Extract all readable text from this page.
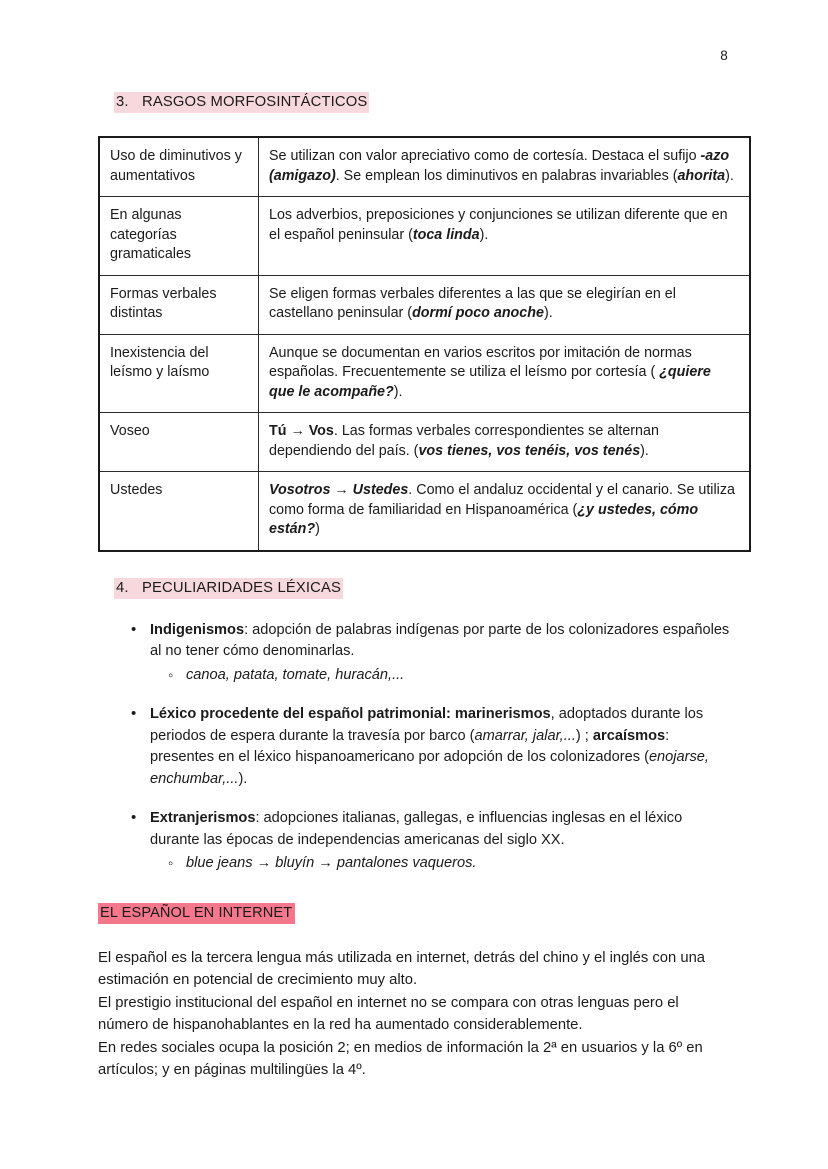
8
3. RASGOS MORFOSINTÁCTICOS
Uso de diminutivos y aumentativos	Se utilizan con valor apreciativo como de cortesía. Destaca el sufijo -azo (amigazo). Se emplean los diminutivos en palabras invariables (ahorita).
En algunas categorías gramaticales	Los adverbios, preposiciones y conjunciones se utilizan diferente que en el español peninsular (toca linda).
Formas verbales distintas	Se eligen formas verbales diferentes a las que se elegirían en el castellano peninsular (dormí poco anoche).
Inexistencia del leísmo y laísmo	Aunque se documentan en varios escritos por imitación de normas españolas. Frecuentemente se utiliza el leísmo por cortesía ( ¿quiere que le acompañe?).
Voseo	Tú → Vos. Las formas verbales correspondientes se alternan dependiendo del país. (vos tienes, vos tenéis, vos tenés).
Ustedes	Vosotros → Ustedes. Como el andaluz occidental y el canario. Se utiliza como forma de familiaridad en Hispanoamérica (¿y ustedes, cómo están?)
4. PECULIARIDADES LÉXICAS
• Indigenismos: adopción de palabras indígenas por parte de los colonizadores españoles al no tener cómo denominarlas.
◦ canoa, patata, tomate, huracán,...
• Léxico procedente del español patrimonial: marinerismos, adoptados durante los periodos de espera durante la travesía por barco (amarrar, jalar,...) ; arcaísmos: presentes en el léxico hispanoamericano por adopción de los colonizadores (enojarse, enchumbar,...).
• Extranjerismos: adopciones italianas, gallegas, e influencias inglesas en el léxico durante las épocas de independencias americanas del siglo XX.
◦ blue jeans → bluyín → pantalones vaqueros.
EL ESPAÑOL EN INTERNET

El español es la tercera lengua más utilizada en internet, detrás del chino y el inglés con una estimación en potencial de crecimiento muy alto.

El prestigio institucional del español en internet no se compara con otras lenguas pero el número de hispanohablantes en la red ha aumentado considerablemente.

En redes sociales ocupa la posición 2; en medios de información la 2ª en usuarios y la 6º en artículos; y en páginas multilingües la 4º.
